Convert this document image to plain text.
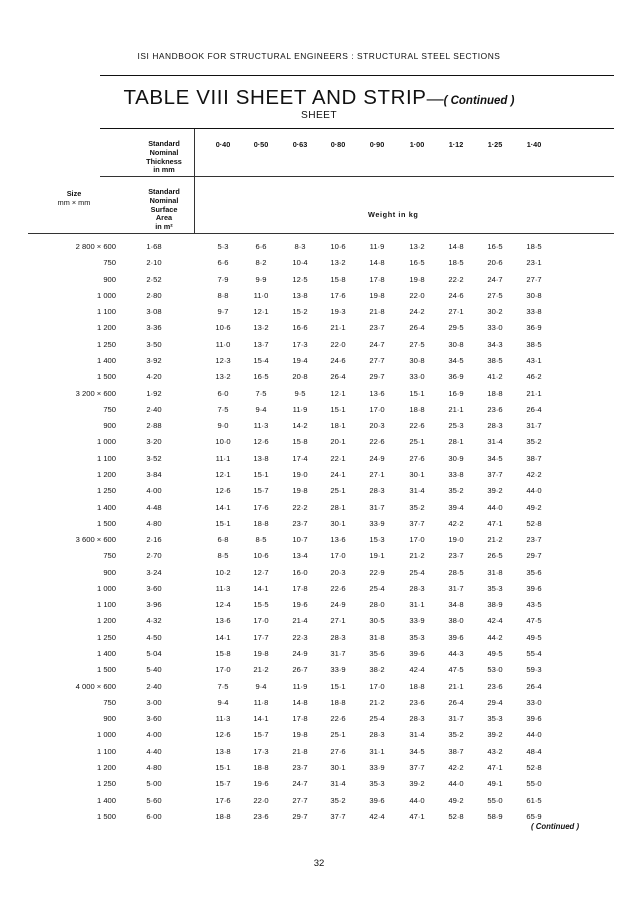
ISI HANDBOOK FOR STRUCTURAL ENGINEERS : STRUCTURAL STEEL SECTIONS
TABLE VIII SHEET AND STRIP—( Continued )
SHEET
Standard
Nominal
Thickness
in mm
0·40	0·50	0·63	0·80	0·90	1·00	1·12	1·25	1·40
Size
mm × mm
Standard
Nominal
Surface
Area
in m²
Weight in kg
2 800 × 600	1·68	5·3	6·6	8·3	10·6	11·9	13·2	14·8	16·5	18·5
750	2·10	6·6	8·2	10·4	13·2	14·8	16·5	18·5	20·6	23·1
900	2·52	7·9	9·9	12·5	15·8	17·8	19·8	22·2	24·7	27·7
1 000	2·80	8·8	11·0	13·8	17·6	19·8	22·0	24·6	27·5	30·8
1 100	3·08	9·7	12·1	15·2	19·3	21·8	24·2	27·1	30·2	33·8
1 200	3·36	10·6	13·2	16·6	21·1	23·7	26·4	29·5	33·0	36·9
1 250	3·50	11·0	13·7	17·3	22·0	24·7	27·5	30·8	34·3	38·5
1 400	3·92	12·3	15·4	19·4	24·6	27·7	30·8	34·5	38·5	43·1
1 500	4·20	13·2	16·5	20·8	26·4	29·7	33·0	36·9	41·2	46·2
3 200 × 600	1·92	6·0	7·5	9·5	12·1	13·6	15·1	16·9	18·8	21·1
750	2·40	7·5	9·4	11·9	15·1	17·0	18·8	21·1	23·6	26·4
900	2·88	9·0	11·3	14·2	18·1	20·3	22·6	25·3	28·3	31·7
1 000	3·20	10·0	12·6	15·8	20·1	22·6	25·1	28·1	31·4	35·2
1 100	3·52	11·1	13·8	17·4	22·1	24·9	27·6	30·9	34·5	38·7
1 200	3·84	12·1	15·1	19·0	24·1	27·1	30·1	33·8	37·7	42·2
1 250	4·00	12·6	15·7	19·8	25·1	28·3	31·4	35·2	39·2	44·0
1 400	4·48	14·1	17·6	22·2	28·1	31·7	35·2	39·4	44·0	49·2
1 500	4·80	15·1	18·8	23·7	30·1	33·9	37·7	42·2	47·1	52·8
3 600 × 600	2·16	6·8	8·5	10·7	13·6	15·3	17·0	19·0	21·2	23·7
750	2·70	8·5	10·6	13·4	17·0	19·1	21·2	23·7	26·5	29·7
900	3·24	10·2	12·7	16·0	20·3	22·9	25·4	28·5	31·8	35·6
1 000	3·60	11·3	14·1	17·8	22·6	25·4	28·3	31·7	35·3	39·6
1 100	3·96	12·4	15·5	19·6	24·9	28·0	31·1	34·8	38·9	43·5
1 200	4·32	13·6	17·0	21·4	27·1	30·5	33·9	38·0	42·4	47·5
1 250	4·50	14·1	17·7	22·3	28·3	31·8	35·3	39·6	44·2	49·5
1 400	5·04	15·8	19·8	24·9	31·7	35·6	39·6	44·3	49·5	55·4
1 500	5·40	17·0	21·2	26·7	33·9	38·2	42·4	47·5	53·0	59·3
4 000 × 600	2·40	7·5	9·4	11·9	15·1	17·0	18·8	21·1	23·6	26·4
750	3·00	9·4	11·8	14·8	18·8	21·2	23·6	26·4	29·4	33·0
900	3·60	11·3	14·1	17·8	22·6	25·4	28·3	31·7	35·3	39·6
1 000	4·00	12·6	15·7	19·8	25·1	28·3	31·4	35·2	39·2	44·0
1 100	4·40	13·8	17·3	21·8	27·6	31·1	34·5	38·7	43·2	48·4
1 200	4·80	15·1	18·8	23·7	30·1	33·9	37·7	42·2	47·1	52·8
1 250	5·00	15·7	19·6	24·7	31·4	35·3	39·2	44·0	49·1	55·0
1 400	5·60	17·6	22·0	27·7	35·2	39·6	44·0	49·2	55·0	61·5
1 500	6·00	18·8	23·6	29·7	37·7	42·4	47·1	52·8	58·9	65·9
( Continued )
32
